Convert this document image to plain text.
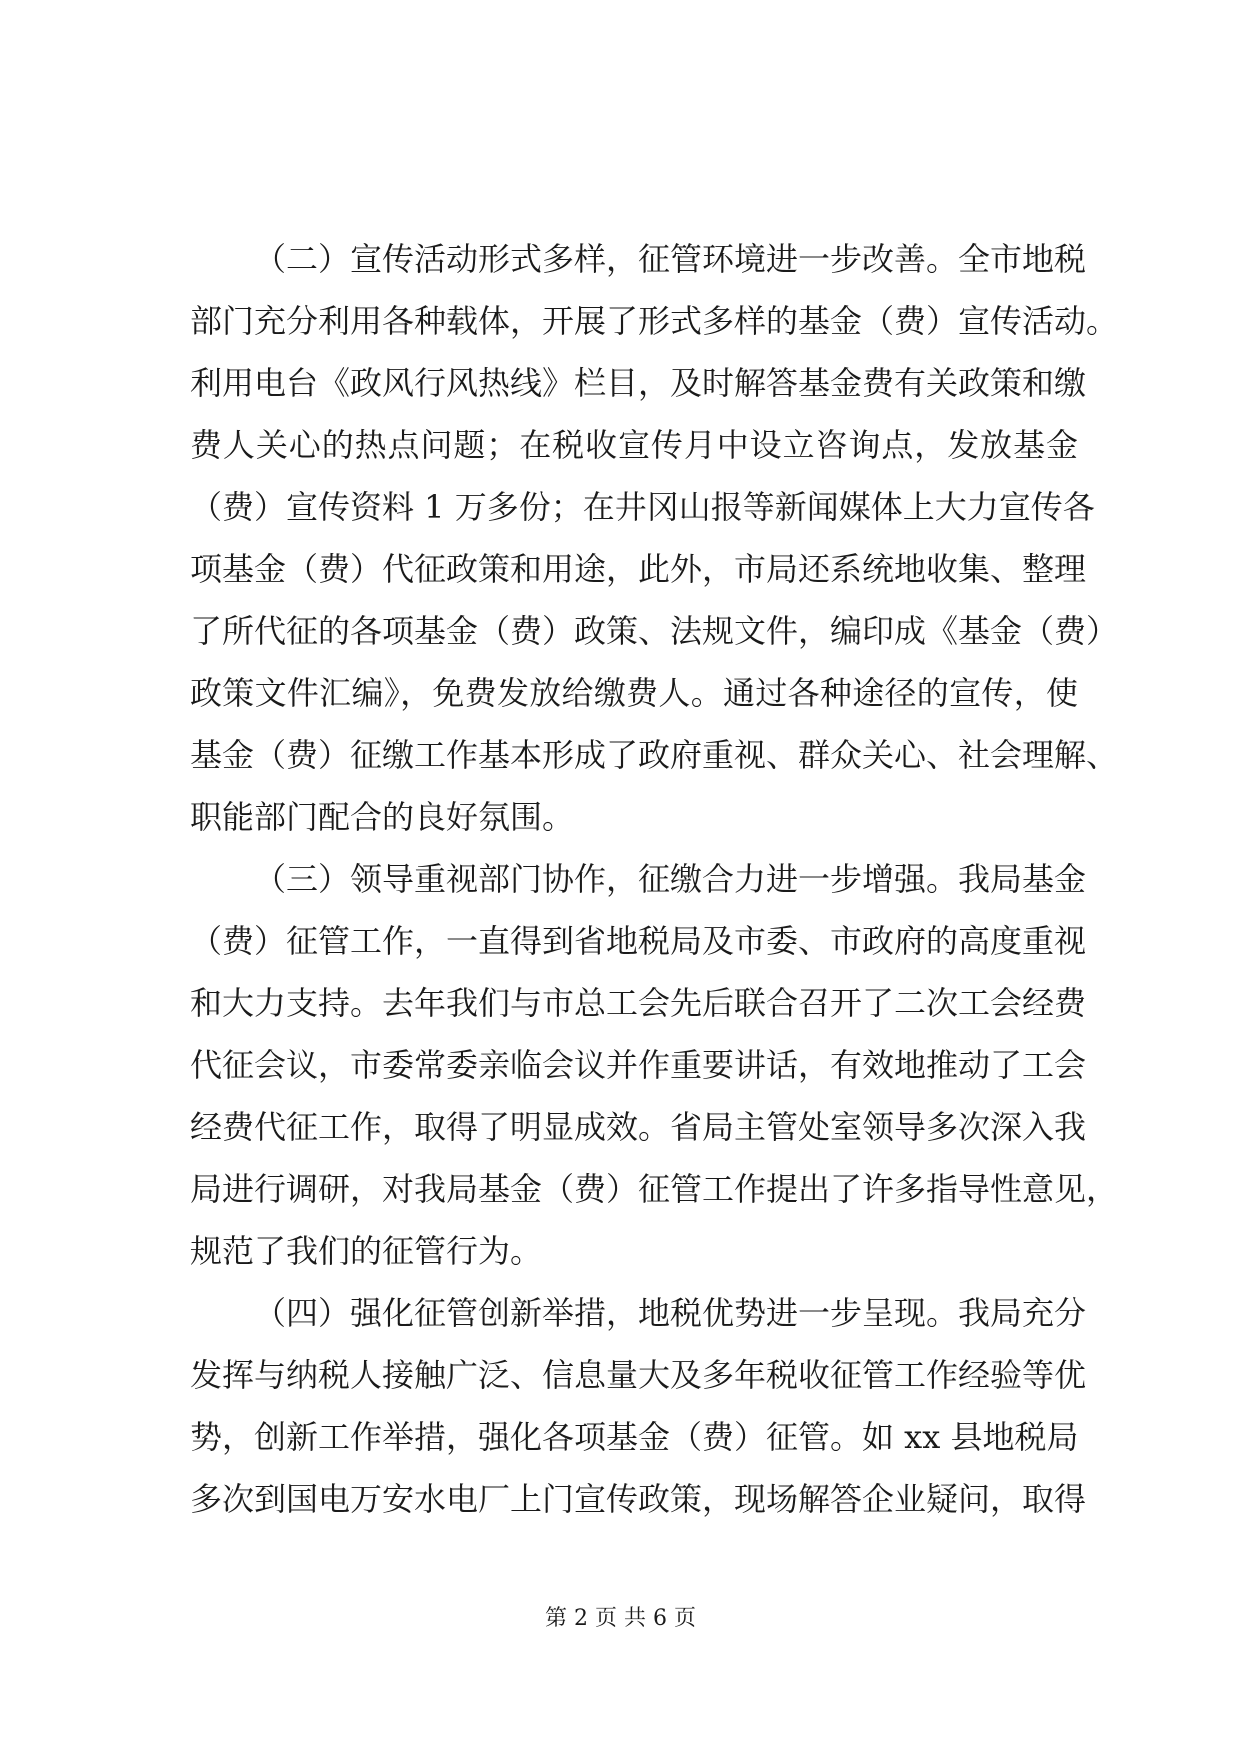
（二）宣传活动形式多样，征管环境进一步改善。全市地税
部门充分利用各种载体，开展了形式多样的基金（费）宣传活动。
利用电台《政风行风热线》栏目，及时解答基金费有关政策和缴
费人关心的热点问题；在税收宣传月中设立咨询点，发放基金
（费）宣传资料 1 万多份；在井冈山报等新闻媒体上大力宣传各
项基金（费）代征政策和用途，此外，市局还系统地收集、整理
了所代征的各项基金（费）政策、法规文件，编印成《基金（费）
政策文件汇编》，免费发放给缴费人。通过各种途径的宣传，使
基金（费）征缴工作基本形成了政府重视、群众关心、社会理解、
职能部门配合的良好氛围。
（三）领导重视部门协作，征缴合力进一步增强。我局基金
（费）征管工作，一直得到省地税局及市委、市政府的高度重视
和大力支持。去年我们与市总工会先后联合召开了二次工会经费
代征会议，市委常委亲临会议并作重要讲话，有效地推动了工会
经费代征工作，取得了明显成效。省局主管处室领导多次深入我
局进行调研，对我局基金（费）征管工作提出了许多指导性意见，
规范了我们的征管行为。
（四）强化征管创新举措，地税优势进一步呈现。我局充分
发挥与纳税人接触广泛、信息量大及多年税收征管工作经验等优
势，创新工作举措，强化各项基金（费）征管。如 xx 县地税局
多次到国电万安水电厂上门宣传政策，现场解答企业疑问，取得
第 2 页 共 6 页
